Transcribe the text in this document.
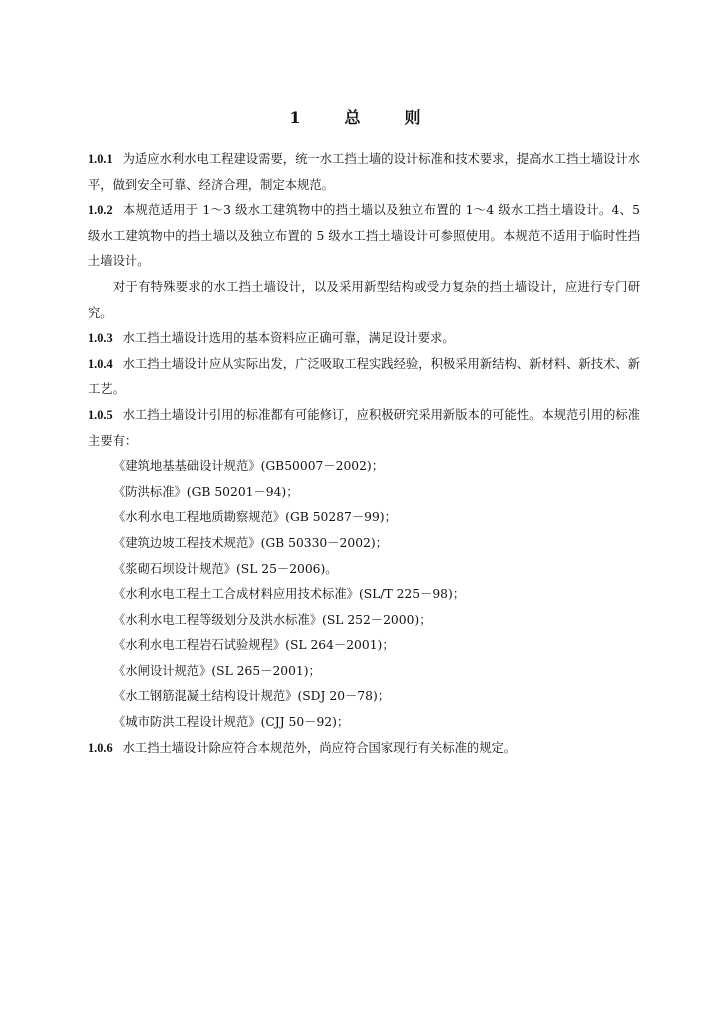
1　总　则

1.0.1 为适应水利水电工程建设需要，统一水工挡土墙的设计标准和技术要求，提高水工挡土墙设计水平，做到安全可靠、经济合理，制定本规范。

1.0.2 本规范适用于 1～3 级水工建筑物中的挡土墙以及独立布置的 1～4 级水工挡土墙设计。4、5 级水工建筑物中的挡土墙以及独立布置的 5 级水工挡土墙设计可参照使用。本规范不适用于临时性挡土墙设计。

对于有特殊要求的水工挡土墙设计，以及采用新型结构或受力复杂的挡土墙设计，应进行专门研究。

1.0.3 水工挡土墙设计选用的基本资料应正确可靠，满足设计要求。

1.0.4 水工挡土墙设计应从实际出发，广泛吸取工程实践经验，积极采用新结构、新材料、新技术、新工艺。

1.0.5 水工挡土墙设计引用的标准都有可能修订，应积极研究采用新版本的可能性。本规范引用的标准主要有：

《建筑地基基础设计规范》(GB50007－2002)；

《防洪标准》(GB 50201－94)；

《水利水电工程地质勘察规范》(GB 50287－99)；

《建筑边坡工程技术规范》(GB 50330－2002)；

《浆砌石坝设计规范》(SL 25－2006)。

《水利水电工程土工合成材料应用技术标准》(SL/T 225－98)；

《水利水电工程等级划分及洪水标准》(SL 252－2000)；

《水利水电工程岩石试验规程》(SL 264－2001)；

《水闸设计规范》(SL 265－2001)；

《水工钢筋混凝土结构设计规范》(SDJ 20－78)；

《城市防洪工程设计规范》(CJJ 50－92)；

1.0.6 水工挡土墙设计除应符合本规范外，尚应符合国家现行有关标准的规定。
